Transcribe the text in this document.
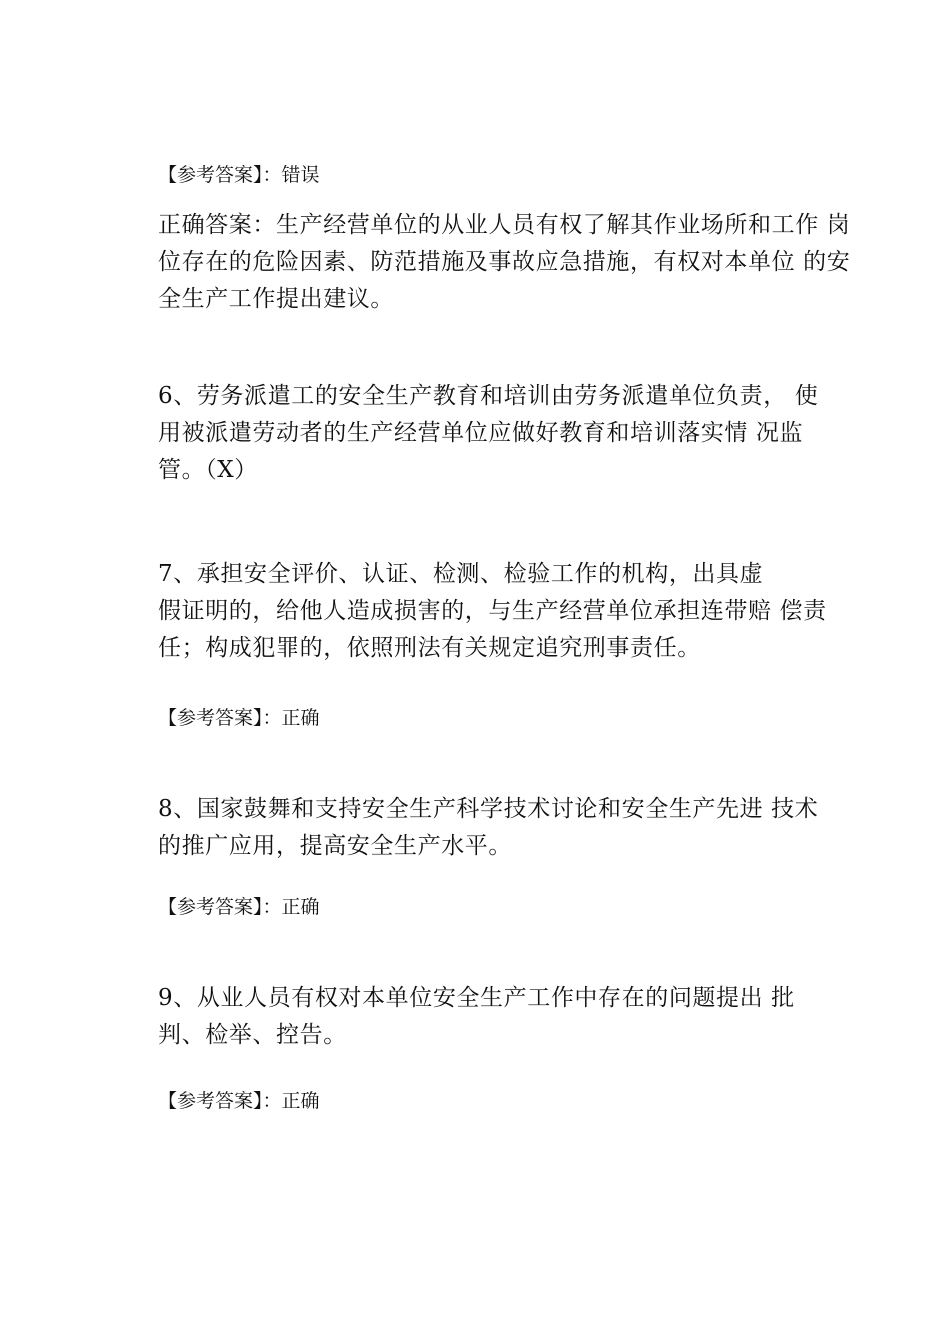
【参考答案】：错误
正确答案：生产经营单位的从业人员有权了解其作业场所和工作 岗
位存在的危险因素、防范措施及事故应急措施，有权对本单位 的安
全生产工作提出建议。
6、劳务派遣工的安全生产教育和培训由劳务派遣单位负责， 使
用被派遣劳动者的生产经营单位应做好教育和培训落实情 况监
管。（X）
7、承担安全评价、认证、检测、检验工作的机构，出具虚
假证明的，给他人造成损害的，与生产经营单位承担连带赔 偿责
任；构成犯罪的，依照刑法有关规定追究刑事责任。
【参考答案】：正确
8、国家鼓舞和支持安全生产科学技术讨论和安全生产先进 技术
的推广应用，提高安全生产水平。
【参考答案】：正确
9、从业人员有权对本单位安全生产工作中存在的问题提出 批
判、检举、控告。
【参考答案】：正确
